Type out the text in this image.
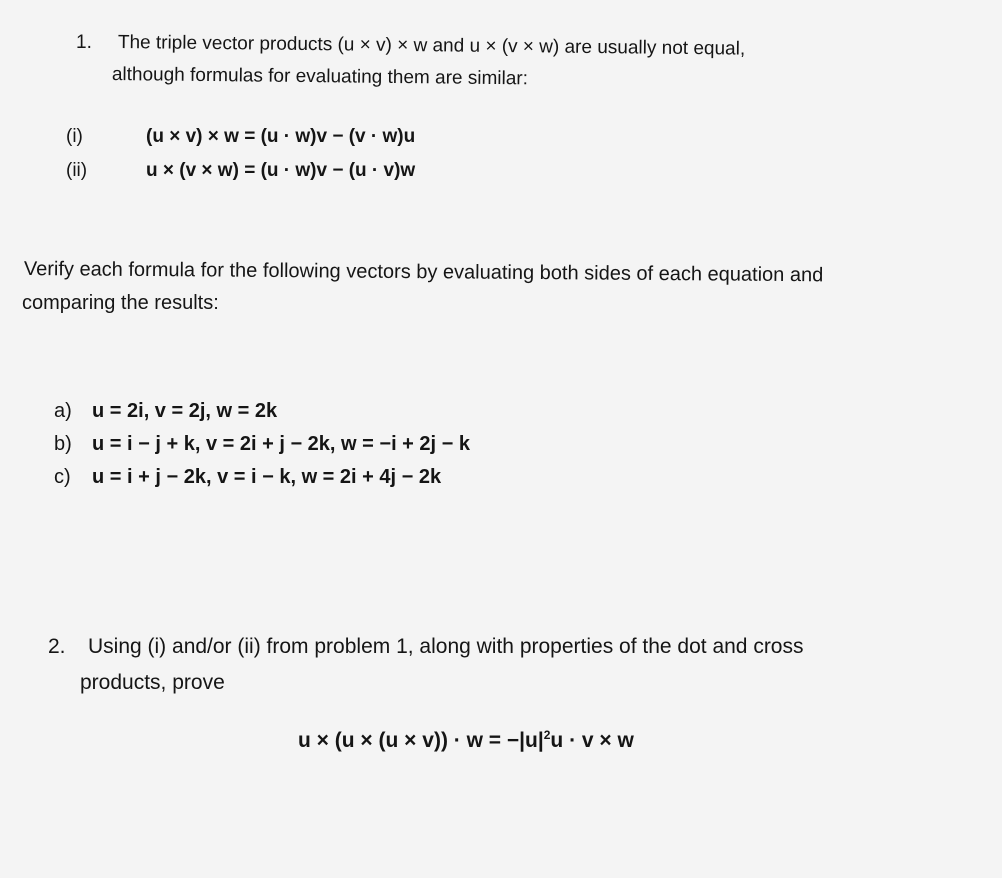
1. The triple vector products (u × v) × w and u × (v × w) are usually not equal,
although formulas for evaluating them are similar:
(i)	(u × v) × w = (u · w)v − (v · w)u
(ii)	u × (v × w) = (u · w)v − (u · v)w
Verify each formula for the following vectors by evaluating both sides of each equation and
comparing the results:
a) u = 2i, v = 2j, w = 2k
b) u = i − j + k, v = 2i + j − 2k, w = −i + 2j − k
c) u = i + j − 2k, v = i − k, w = 2i + 4j − 2k
2. Using (i) and/or (ii) from problem 1, along with properties of the dot and cross
products, prove
$u \times (u \times (u \times v)) \cdot w = -|u|^2u \cdot v \times w$
